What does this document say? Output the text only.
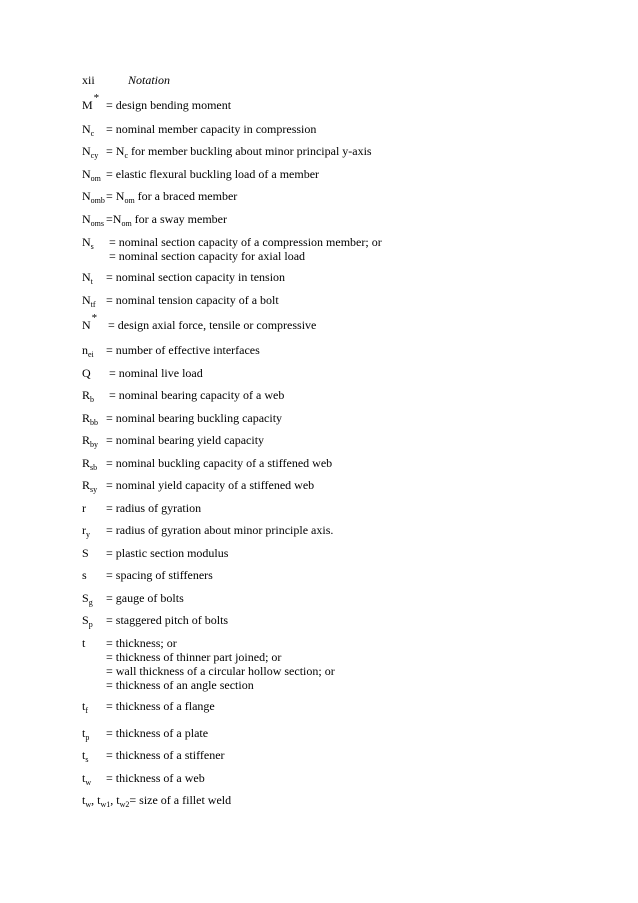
xii	Notation
M* = design bending moment
$N_c$ = nominal member capacity in compression
$N_{cy} = N_c$ for member buckling about minor principal y-axis
$N_{om}$ = elastic flexural buckling load of a member
$N_{omb}= N_{om}$ for a braced member
$N_{oms} =N_{om}$ for a sway member
$N_s$ = nominal section capacity of a compression member; or
= nominal section capacity for axial load
$N_t$ = nominal section capacity in tension
$N_{tf}$ = nominal tension capacity of a bolt
N* = design axial force, tensile or compressive
$n_{ei}$ = number of effective interfaces
Q = nominal live load
$R_b$ = nominal bearing capacity of a web
$R_{bb}$ = nominal bearing buckling capacity
$R_{by}$ = nominal bearing yield capacity
$R_{sb}$ = nominal buckling capacity of a stiffened web
$R_{sy}$ = nominal yield capacity of a stiffened web
r = radius of gyration
$r_y$ = radius of gyration about minor principle axis.
S = plastic section modulus
s = spacing of stiffeners
$S_g$ = gauge of bolts
$S_p$ = staggered pitch of bolts
t = thickness; or
= thickness of thinner part joined; or
= wall thickness of a circular hollow section; or
= thickness of an angle section
$t_f$ = thickness of a flange
$t_p$ = thickness of a plate
$t_s$ = thickness of a stiffener
$t_w$ = thickness of a web
$t_w$, $t_{w1}$, $t_{w2}=$ size of a fillet weld
